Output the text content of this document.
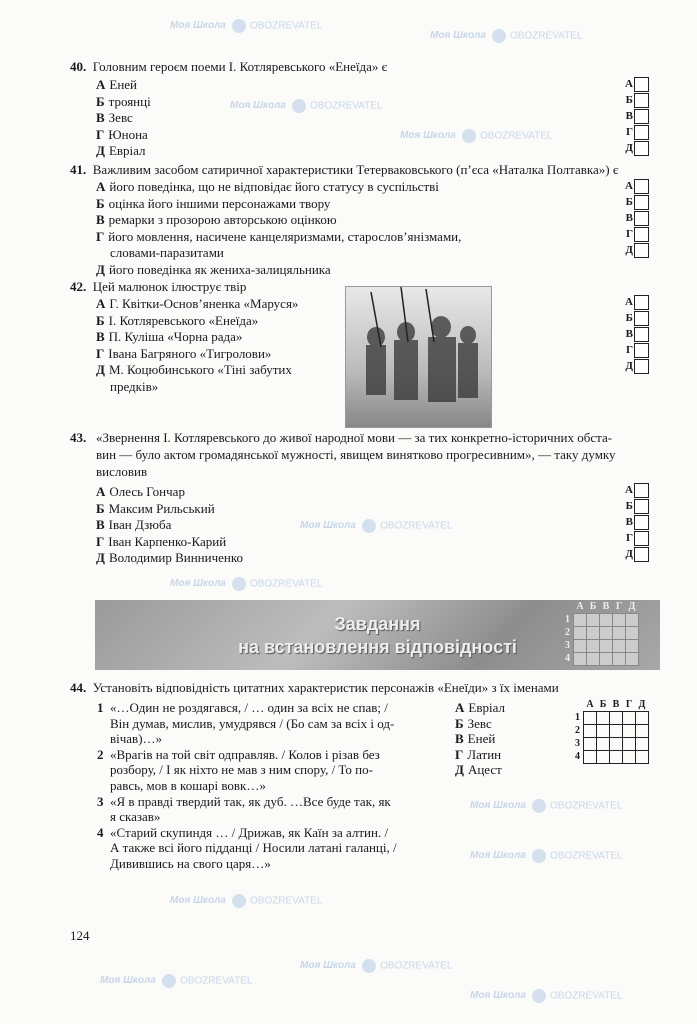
Моя Школа	OBOZREVATEL
Моя Школа	OBOZREVATEL
Моя Школа	OBOZREVATEL
Моя Школа	OBOZREVATEL
Моя Школа	OBOZREVATEL
Моя Школа	OBOZREVATEL
Моя Школа	OBOZREVATEL
Моя Школа	OBOZREVATEL
Моя Школа	OBOZREVATEL
Моя Школа	OBOZREVATEL
Моя Школа	OBOZREVATEL
Моя Школа	OBOZREVATEL
40. Головним героєм поеми І. Котляревського «Енеїда» є
А Еней
Б троянці
В Зевс
Г Юнона
Д Евріал
А
Б
В
Г
Д
41. Важливим засобом сатиричної характеристики Тетерваковського (п’єса «Наталка Полтавка») є
А його поведінка, що не відповідає його статусу в суспільстві
Б оцінка його іншими персонажами твору
В ремарки з прозорою авторською оцінкою
Г його мовлення, насичене канцеляризмами, старослов’янізмами,
словами-паразитами
Д його поведінка як жениха-залицяльника
А
Б
В
Г
Д
42. Цей малюнок ілюструє твір
А Г. Квітки-Основ’яненка «Маруся»
Б І. Котляревського «Енеїда»
В П. Куліша «Чорна рада»
Г Івана Багряного «Тигролови»
Д М. Коцюбинського «Тіні забутих
предків»
А
Б
В
Г
Д
43. «Звернення І. Котляревського до живої народної мови — за тих конкретно-історичних обста-
вин — було актом громадянської мужності, явищем винятково прогресивним», — таку думку
висловив
А Олесь Гончар
Б Максим Рильський
В Іван Дзюба
Г Іван Карпенко-Карий
Д Володимир Винниченко
А
Б
В
Г
Д
Завдання
на встановлення відповідності
	А	Б	В	Г	Д
1					
2					
3					
4					
44. Установіть відповідність цитатних характеристик персонажів «Енеїди» з їх іменами
1 «…Один не роздягався, / … один за всіх не спав; /
Він думав, мислив, умудрявся / (Бо сам за всіх і од-
вічав)…»
2 «Врагів на той світ одправляв. / Колов і різав без
розбору, / І як ніхто не мав з ним спору, / То по-
равсь, мов в кошарі вовк…»
3 «Я в правді твердий так, як дуб. …Все буде так, як
я сказав»
4 «Старий скупиндя … / Дрижав, як Каїн за алтин. /
А также всі його підданці / Носили латані галанці, /
Дивившись на свого царя…»
А Евріал
Б Зевс
В Еней
Г Латин
Д Ацест
	А	Б	В	Г	Д
1					
2					
3					
4					
124
